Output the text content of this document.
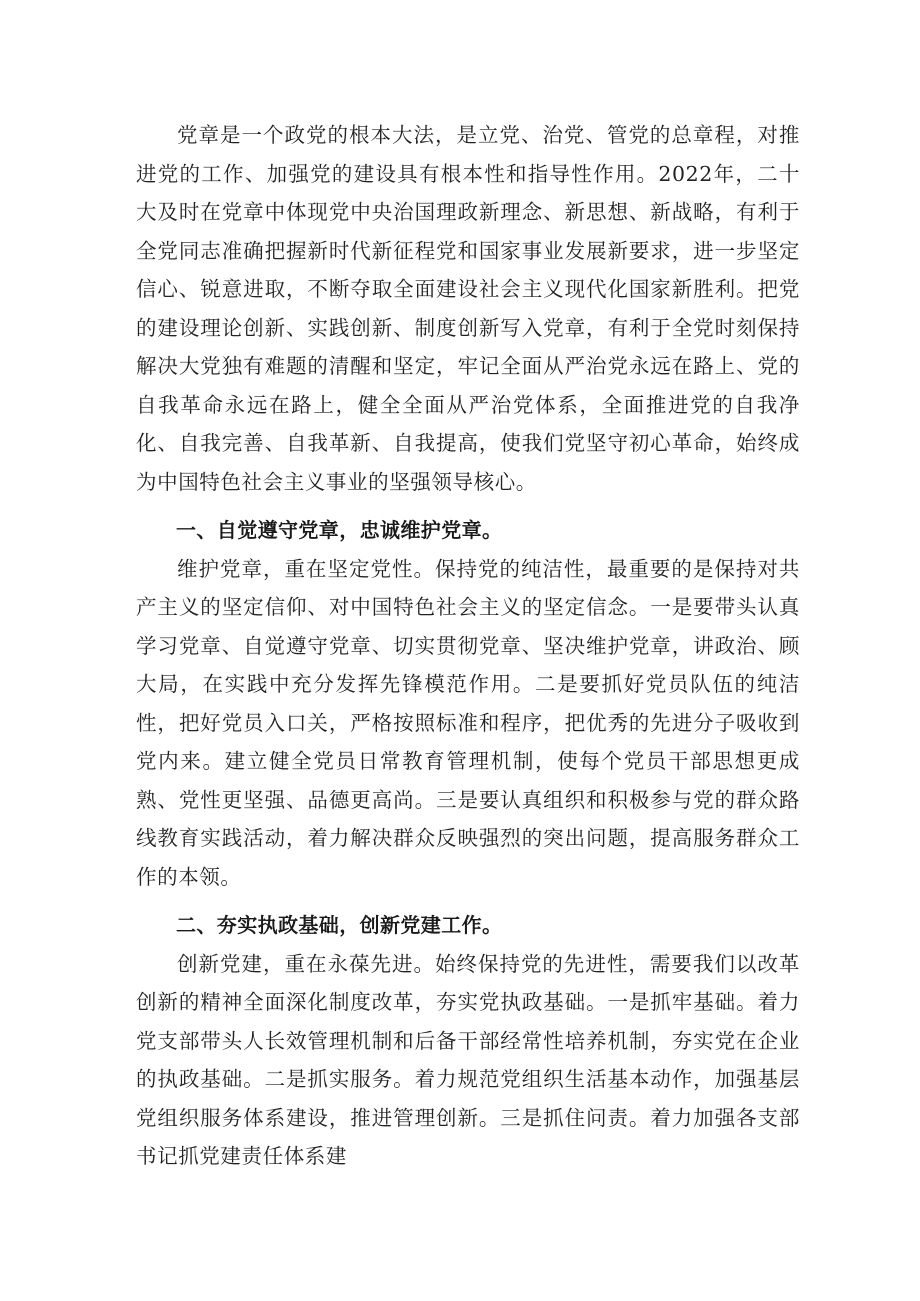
党章是一个政党的根本大法，是立党、治党、管党的总章程，对推进党的工作、加强党的建设具有根本性和指导性作用。2022年，二十大及时在党章中体现党中央治国理政新理念、新思想、新战略，有利于全党同志准确把握新时代新征程党和国家事业发展新要求，进一步坚定信心、锐意进取，不断夺取全面建设社会主义现代化国家新胜利。把党的建设理论创新、实践创新、制度创新写入党章，有利于全党时刻保持解决大党独有难题的清醒和坚定，牢记全面从严治党永远在路上、党的自我革命永远在路上，健全全面从严治党体系，全面推进党的自我净化、自我完善、自我革新、自我提高，使我们党坚守初心革命，始终成为中国特色社会主义事业的坚强领导核心。

一、自觉遵守党章，忠诚维护党章。

维护党章，重在坚定党性。保持党的纯洁性，最重要的是保持对共产主义的坚定信仰、对中国特色社会主义的坚定信念。一是要带头认真学习党章、自觉遵守党章、切实贯彻党章、坚决维护党章，讲政治、顾大局，在实践中充分发挥先锋模范作用。二是要抓好党员队伍的纯洁性，把好党员入口关，严格按照标准和程序，把优秀的先进分子吸收到党内来。建立健全党员日常教育管理机制，使每个党员干部思想更成熟、党性更坚强、品德更高尚。三是要认真组织和积极参与党的群众路线教育实践活动，着力解决群众反映强烈的突出问题，提高服务群众工作的本领。

二、夯实执政基础，创新党建工作。

创新党建，重在永葆先进。始终保持党的先进性，需要我们以改革创新的精神全面深化制度改革，夯实党执政基础。一是抓牢基础。着力党支部带头人长效管理机制和后备干部经常性培养机制，夯实党在企业的执政基础。二是抓实服务。着力规范党组织生活基本动作，加强基层党组织服务体系建设，推进管理创新。三是抓住问责。着力加强各支部书记抓党建责任体系建
